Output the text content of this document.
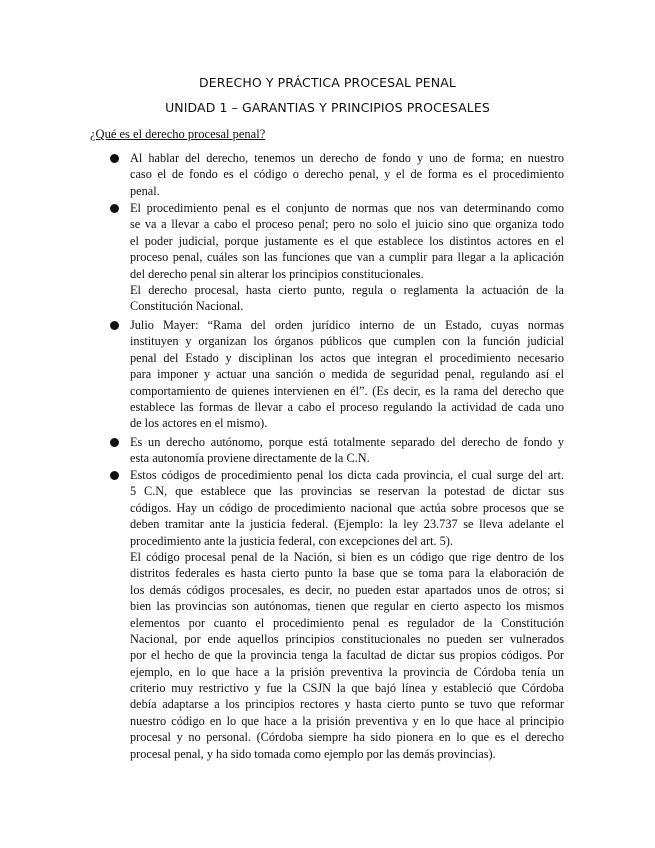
DERECHO Y PRÁCTICA PROCESAL PENAL
UNIDAD 1 – GARANTIAS Y PRINCIPIOS PROCESALES
¿Qué es el derecho procesal penal?
Al hablar del derecho, tenemos un derecho de fondo y uno de forma; en nuestro
caso el de fondo es el código o derecho penal, y el de forma es el procedimiento
penal.
El procedimiento penal es el conjunto de normas que nos van determinando como
se va a llevar a cabo el proceso penal; pero no solo el juicio sino que organiza todo
el poder judicial, porque justamente es el que establece los distintos actores en el
proceso penal, cuáles son las funciones que van a cumplir para llegar a la aplicación
del derecho penal sin alterar los principios constitucionales.
El derecho procesal, hasta cierto punto, regula o reglamenta la actuación de la
Constitución Nacional.
Julio Mayer: “Rama del orden jurídico interno de un Estado, cuyas normas
instituyen y organizan los órganos públicos que cumplen con la función judicial
penal del Estado y disciplinan los actos que integran el procedimiento necesario
para imponer y actuar una sanción o medida de seguridad penal, regulando así el
comportamiento de quienes intervienen en él”. (Es decir, es la rama del derecho que
establece las formas de llevar a cabo el proceso regulando la actividad de cada uno
de los actores en el mismo).
Es un derecho autónomo, porque está totalmente separado del derecho de fondo y
esta autonomía proviene directamente de la C.N.
Estos códigos de procedimiento penal los dicta cada provincia, el cual surge del art.
5 C.N, que establece que las provincias se reservan la potestad de dictar sus
códigos. Hay un código de procedimiento nacional que actúa sobre procesos que se
deben tramitar ante la justicia federal. (Ejemplo: la ley 23.737 se lleva adelante el
procedimiento ante la justicia federal, con excepciones del art. 5).
El código procesal penal de la Nación, si bien es un código que rige dentro de los
distritos federales es hasta cierto punto la base que se toma para la elaboración de
los demás códigos procesales, es decir, no pueden estar apartados unos de otros; si
bien las provincias son autónomas, tienen que regular en cierto aspecto los mismos
elementos por cuanto el procedimiento penal es regulador de la Constitución
Nacional, por ende aquellos principios constitucionales no pueden ser vulnerados
por el hecho de que la provincia tenga la facultad de dictar sus propios códigos. Por
ejemplo, en lo que hace a la prisión preventiva la provincia de Córdoba tenía un
criterio muy restrictivo y fue la CSJN la que bajó línea y estableció que Córdoba
debía adaptarse a los principios rectores y hasta cierto punto se tuvo que reformar
nuestro código en lo que hace a la prisión preventiva y en lo que hace al principio
procesal y no personal. (Córdoba siempre ha sido pionera en lo que es el derecho
procesal penal, y ha sido tomada como ejemplo por las demás provincias).
